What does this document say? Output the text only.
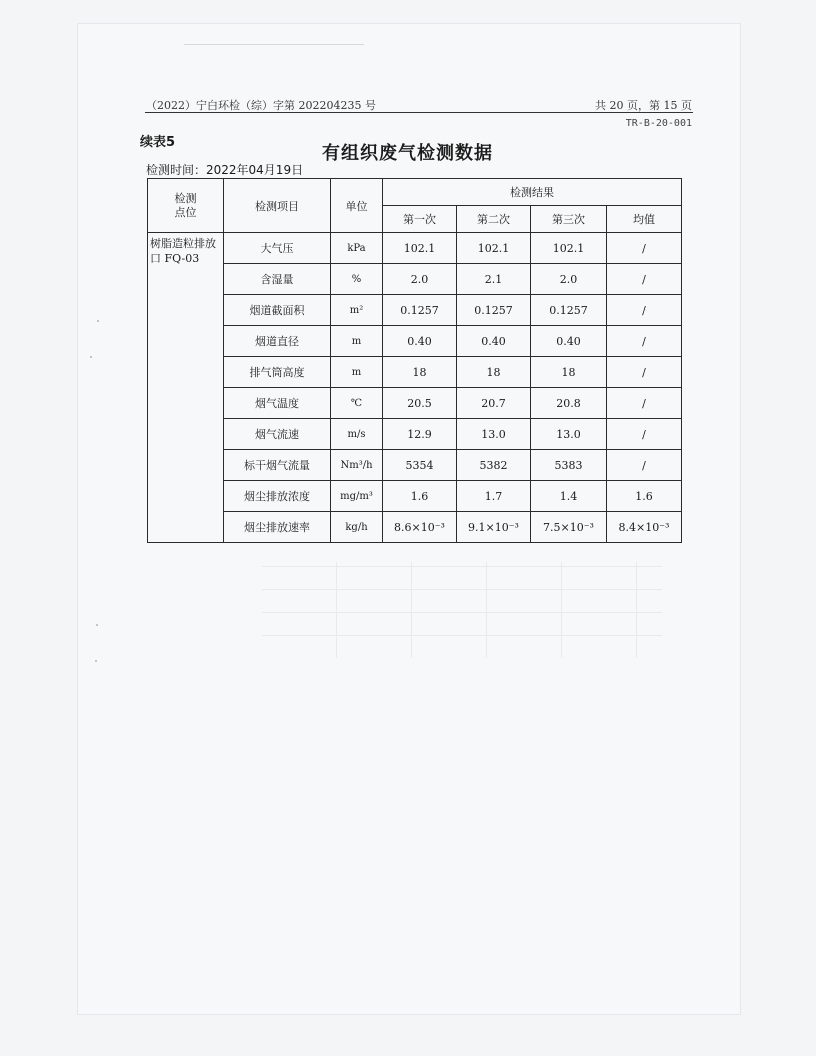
（2022）宁白环检（综）字第 202204235 号	共 20 页，第 15 页
TR-B-20-001
续表5
有组织废气检测数据
检测时间：2022年04月19日
检测
点位	检测项目	单位	检测结果			
			第一次	第二次	第三次	均值
树脂造粒排放口 FQ-03	大气压	kPa	102.1	102.1	102.1	/
	含湿量	%	2.0	2.1	2.0	/
	烟道截面积	m²	0.1257	0.1257	0.1257	/
	烟道直径	m	0.40	0.40	0.40	/
	排气筒高度	m	18	18	18	/
	烟气温度	℃	20.5	20.7	20.8	/
	烟气流速	m/s	12.9	13.0	13.0	/
	标干烟气流量	Nm³/h	5354	5382	5383	/
	烟尘排放浓度	mg/m³	1.6	1.7	1.4	1.6
	烟尘排放速率	kg/h	8.6×10⁻³	9.1×10⁻³	7.5×10⁻³	8.4×10⁻³
